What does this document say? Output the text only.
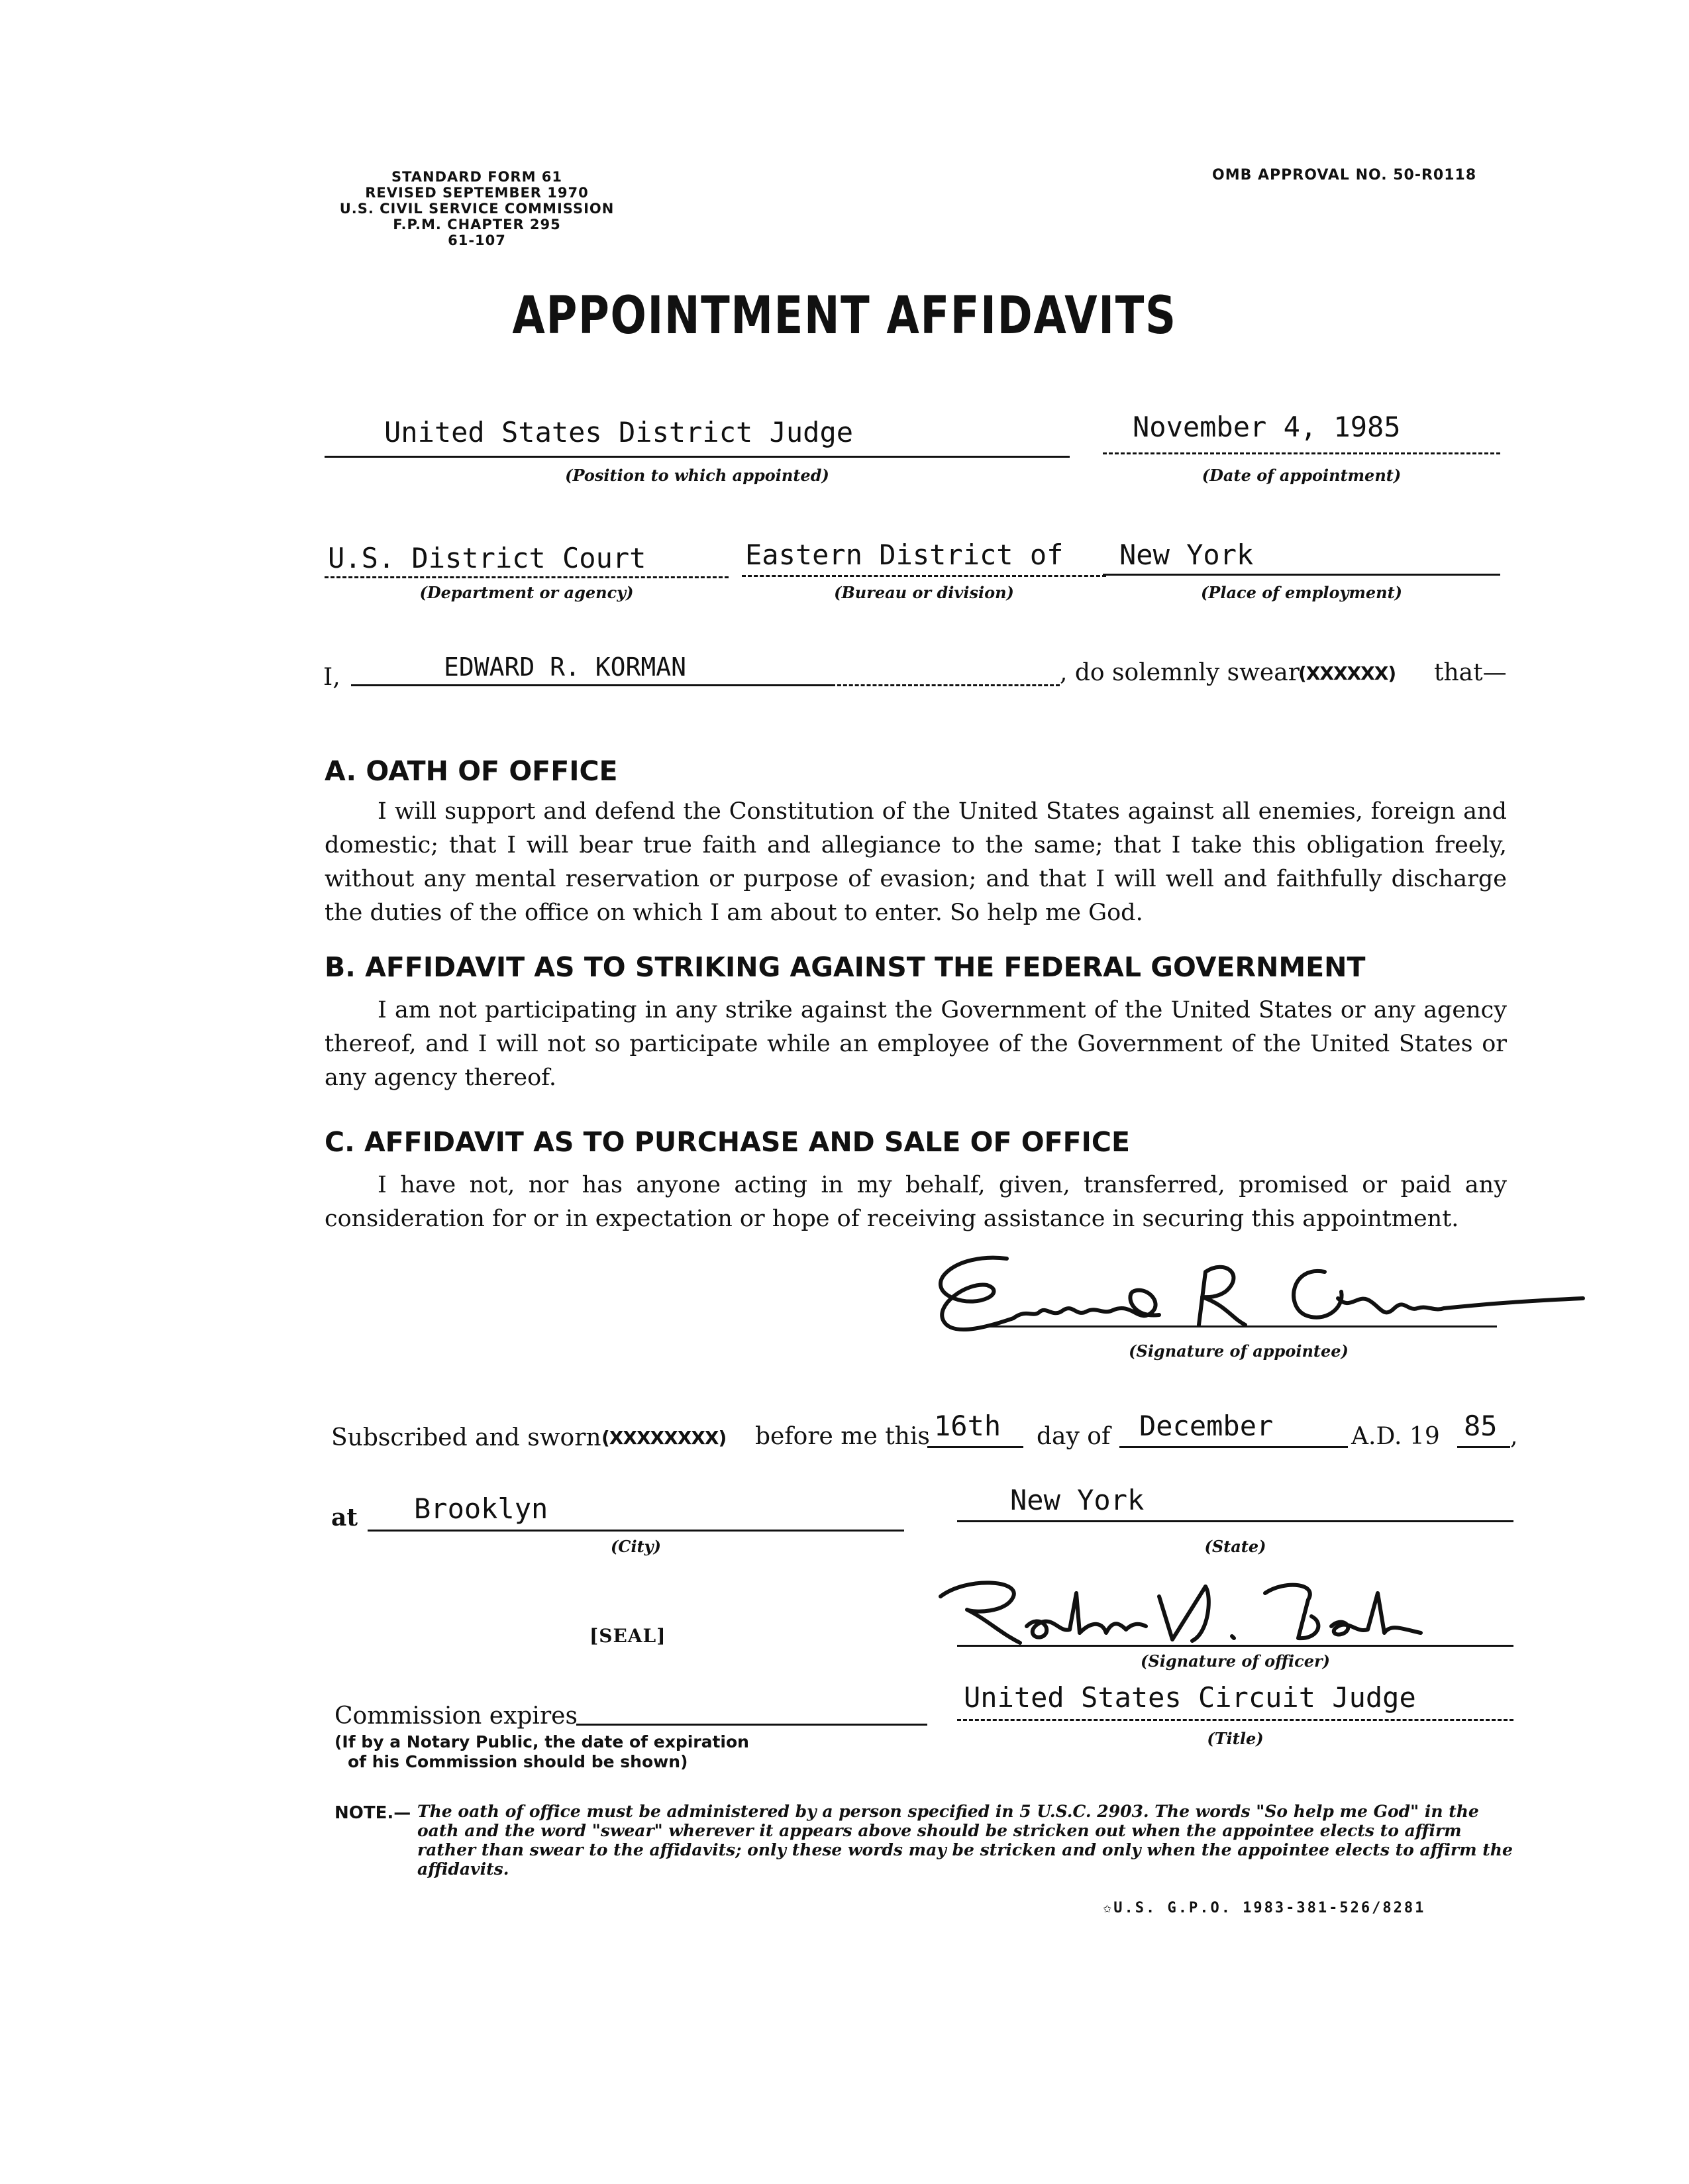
STANDARD FORM 61
REVISED SEPTEMBER 1970
U.S. CIVIL SERVICE COMMISSION
F.P.M. CHAPTER 295
61-107
OMB APPROVAL NO. 50-R0118
APPOINTMENT AFFIDAVITS
United States District Judge
(Position to which appointed)
November 4, 1985
(Date of appointment)
U.S. District Court
(Department or agency)
Eastern District of
(Bureau or division)
New York
(Place of employment)
I,	EDWARD R. KORMAN	, do solemnly swear
(XXXXXX) that—
A. OATH OF OFFICE
I will support and defend the Constitution of the United States against all enemies, foreign and domestic; that I will bear true faith and allegiance to the same; that I take this obligation freely, without any mental reservation or purpose of evasion; and that I will well and faithfully discharge the duties of the office on which I am about to enter. So help me God.
B. AFFIDAVIT AS TO STRIKING AGAINST THE FEDERAL GOVERNMENT
I am not participating in any strike against the Government of the United States or any agency thereof, and I will not so participate while an employee of the Government of the United States or any agency thereof.
C. AFFIDAVIT AS TO PURCHASE AND SALE OF OFFICE
I have not, nor has anyone acting in my behalf, given, transferred, promised or paid any consideration for or in expectation or hope of receiving assistance in securing this appointment.
(Signature of appointee)
Subscribed and sworn (XXXXXXXX) before me this 16th day of December	A.D. 19 85 ,
at Brooklyn
(City)
New York
(State)
(Signature of officer)
[SEAL]
United States Circuit Judge
(Title)
Commission expires
(If by a Notary Public, the date of expiration
of his Commission should be shown)
NOTE.— The oath of office must be administered by a person specified in 5 U.S.C. 2903. The words "So help me God" in the oath and the word "swear" wherever it appears above should be stricken out when the appointee elects to affirm rather than swear to the affidavits; only these words may be stricken and only when the appointee elects to affirm the affidavits.
✩U.S. G.P.O. 1983-381-526/8281
